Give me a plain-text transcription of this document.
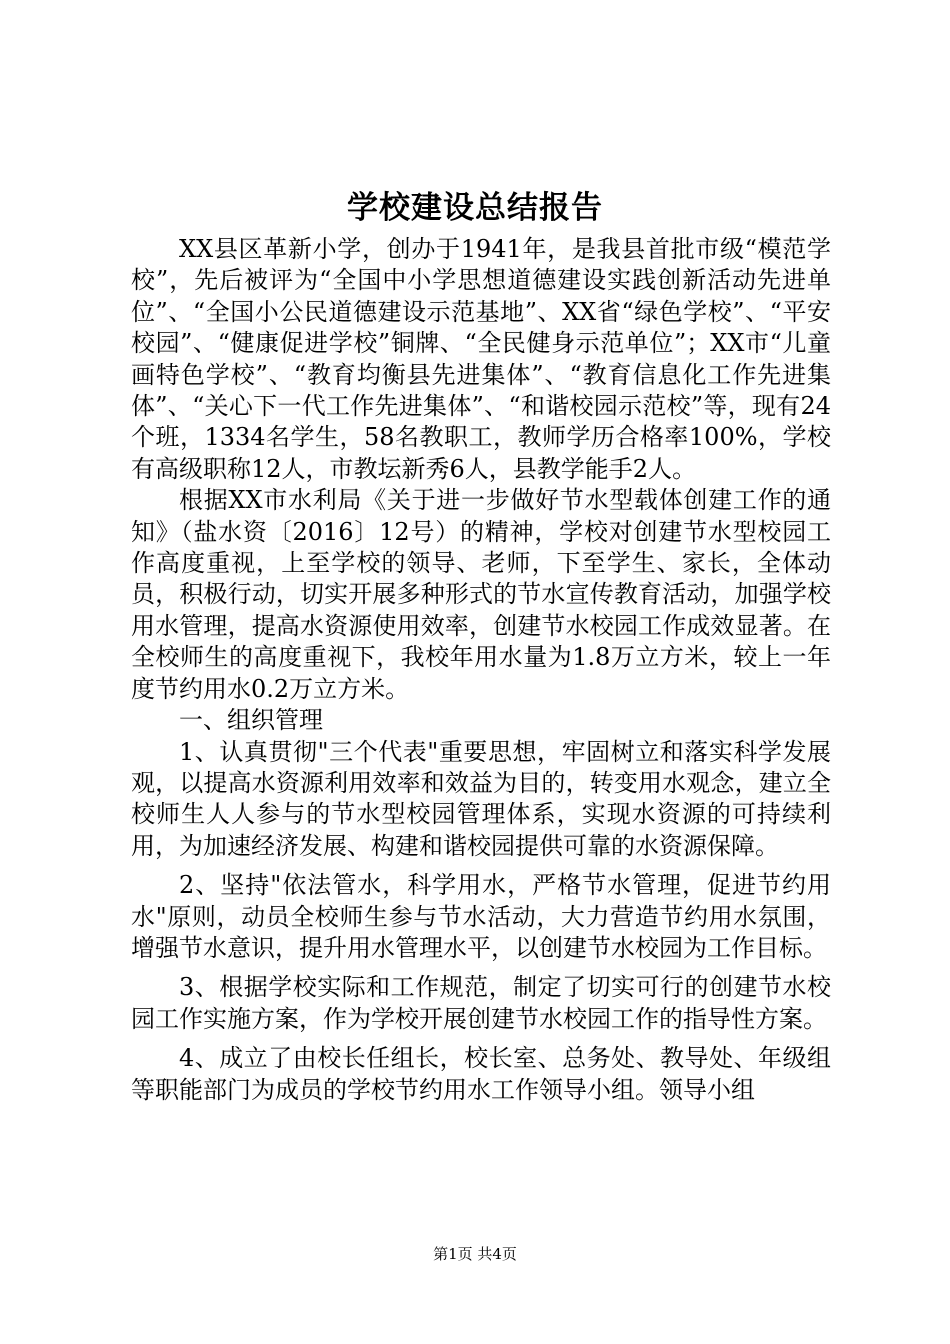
学校建设总结报告

XX县区革新小学，创办于1941年，是我县首批市级“模范学校”，先后被评为“全国中小学思想道德建设实践创新活动先进单位”、“全国小公民道德建设示范基地”、XX省“绿色学校”、“平安校园”、“健康促进学校”铜牌、“全民健身示范单位”；XX市“儿童画特色学校”、“教育均衡县先进集体”、“教育信息化工作先进集体”、“关心下一代工作先进集体”、“和谐校园示范校”等，现有24个班，1334名学生，58名教职工，教师学历合格率100%，学校有高级职称12人，市教坛新秀6人，县教学能手2人。

根据XX市水利局《关于进一步做好节水型载体创建工作的通知》（盐水资〔2016〕12号）的精神，学校对创建节水型校园工作高度重视，上至学校的领导、老师，下至学生、家长，全体动员，积极行动，切实开展多种形式的节水宣传教育活动，加强学校用水管理，提高水资源使用效率，创建节水校园工作成效显著。在全校师生的高度重视下，我校年用水量为1.8万立方米，较上一年度节约用水0.2万立方米。

一、组织管理

1、认真贯彻"三个代表"重要思想，牢固树立和落实科学发展观，以提高水资源利用效率和效益为目的，转变用水观念，建立全校师生人人参与的节水型校园管理体系，实现水资源的可持续利用，为加速经济发展、构建和谐校园提供可靠的水资源保障。

2、坚持"依法管水，科学用水，严格节水管理，促进节约用水"原则，动员全校师生参与节水活动，大力营造节约用水氛围，增强节水意识，提升用水管理水平，以创建节水校园为工作目标。

3、根据学校实际和工作规范，制定了切实可行的创建节水校园工作实施方案，作为学校开展创建节水校园工作的指导性方案。

4、成立了由校长任组长，校长室、总务处、教导处、年级组等职能部门为成员的学校节约用水工作领导小组。领导小组

第1页 共4页
